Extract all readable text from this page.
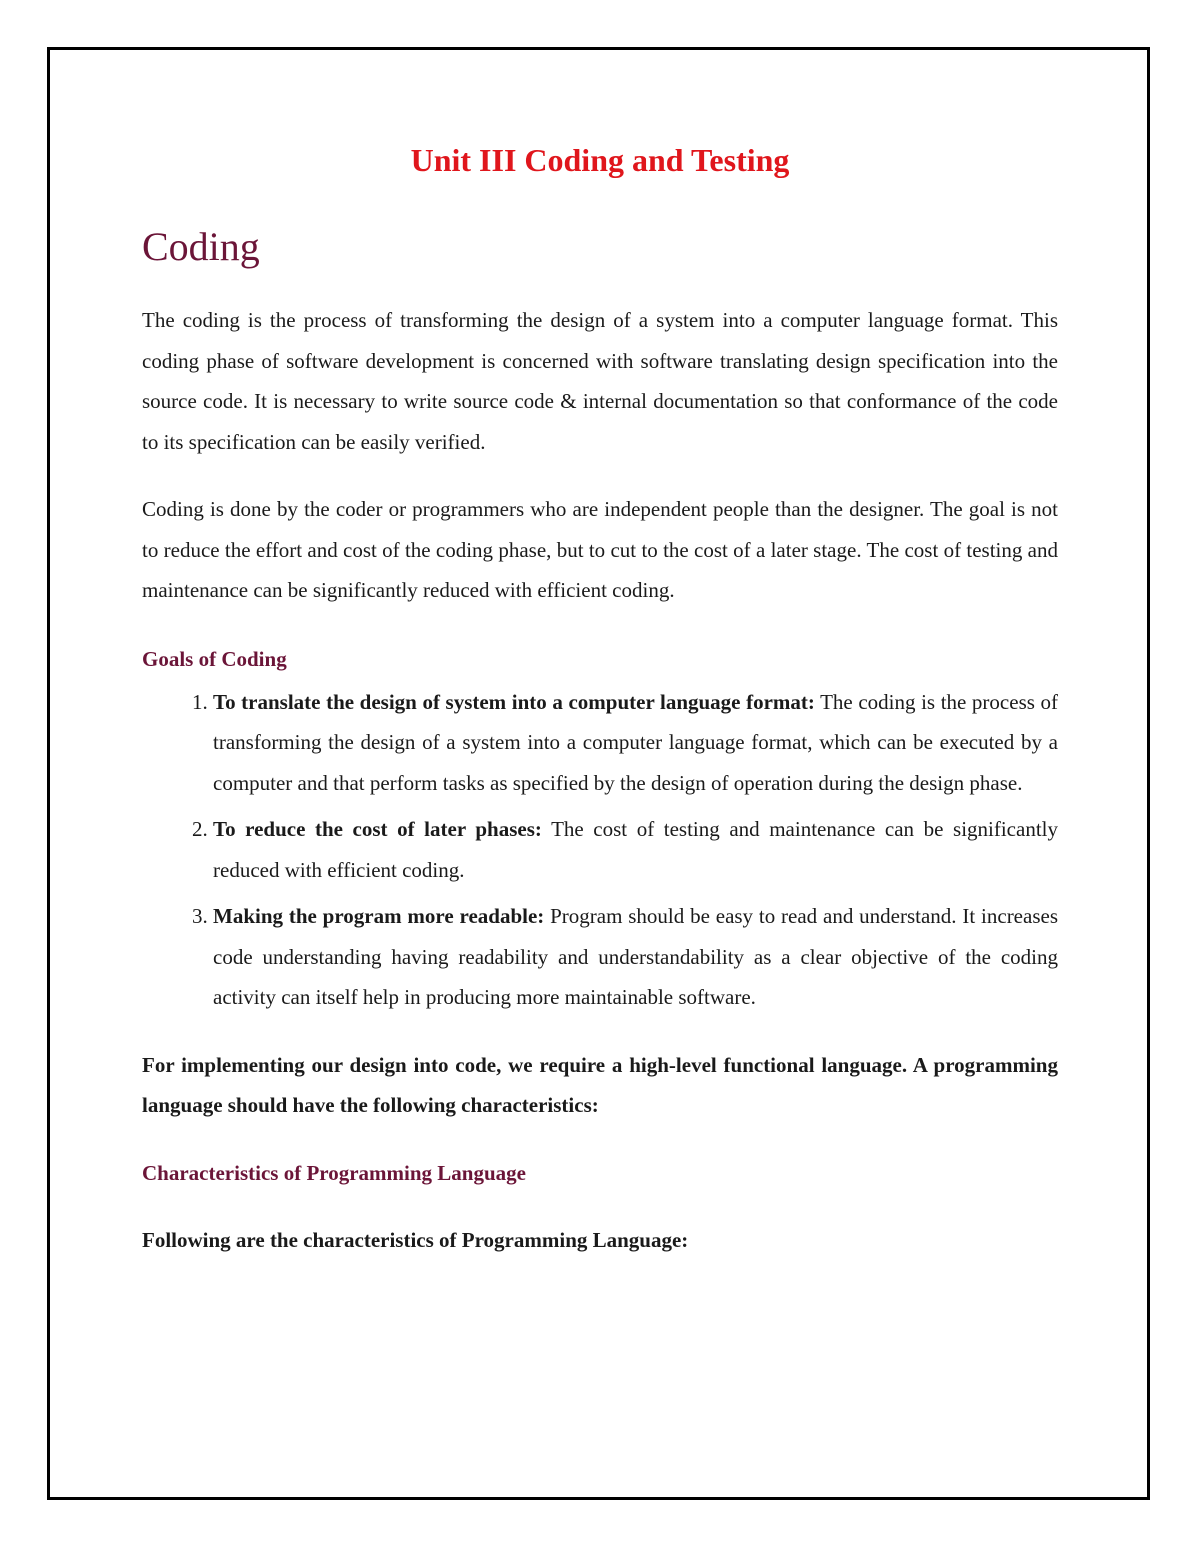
Unit III Coding and Testing
Coding

The coding is the process of transforming the design of a system into a computer language format. This coding phase of software development is concerned with software translating design specification into the source code. It is necessary to write source code & internal documentation so that conformance of the code to its specification can be easily verified.

Coding is done by the coder or programmers who are independent people than the designer. The goal is not to reduce the effort and cost of the coding phase, but to cut to the cost of a later stage. The cost of testing and maintenance can be significantly reduced with efficient coding.

Goals of Coding
1. To translate the design of system into a computer language format: The coding is the process of transforming the design of a system into a computer language format, which can be executed by a computer and that perform tasks as specified by the design of operation during the design phase.
2. To reduce the cost of later phases: The cost of testing and maintenance can be significantly reduced with efficient coding.
3. Making the program more readable: Program should be easy to read and understand. It increases code understanding having readability and understandability as a clear objective of the coding activity can itself help in producing more maintainable software.

For implementing our design into code, we require a high-level functional language. A programming language should have the following characteristics:

Characteristics of Programming Language

Following are the characteristics of Programming Language:
